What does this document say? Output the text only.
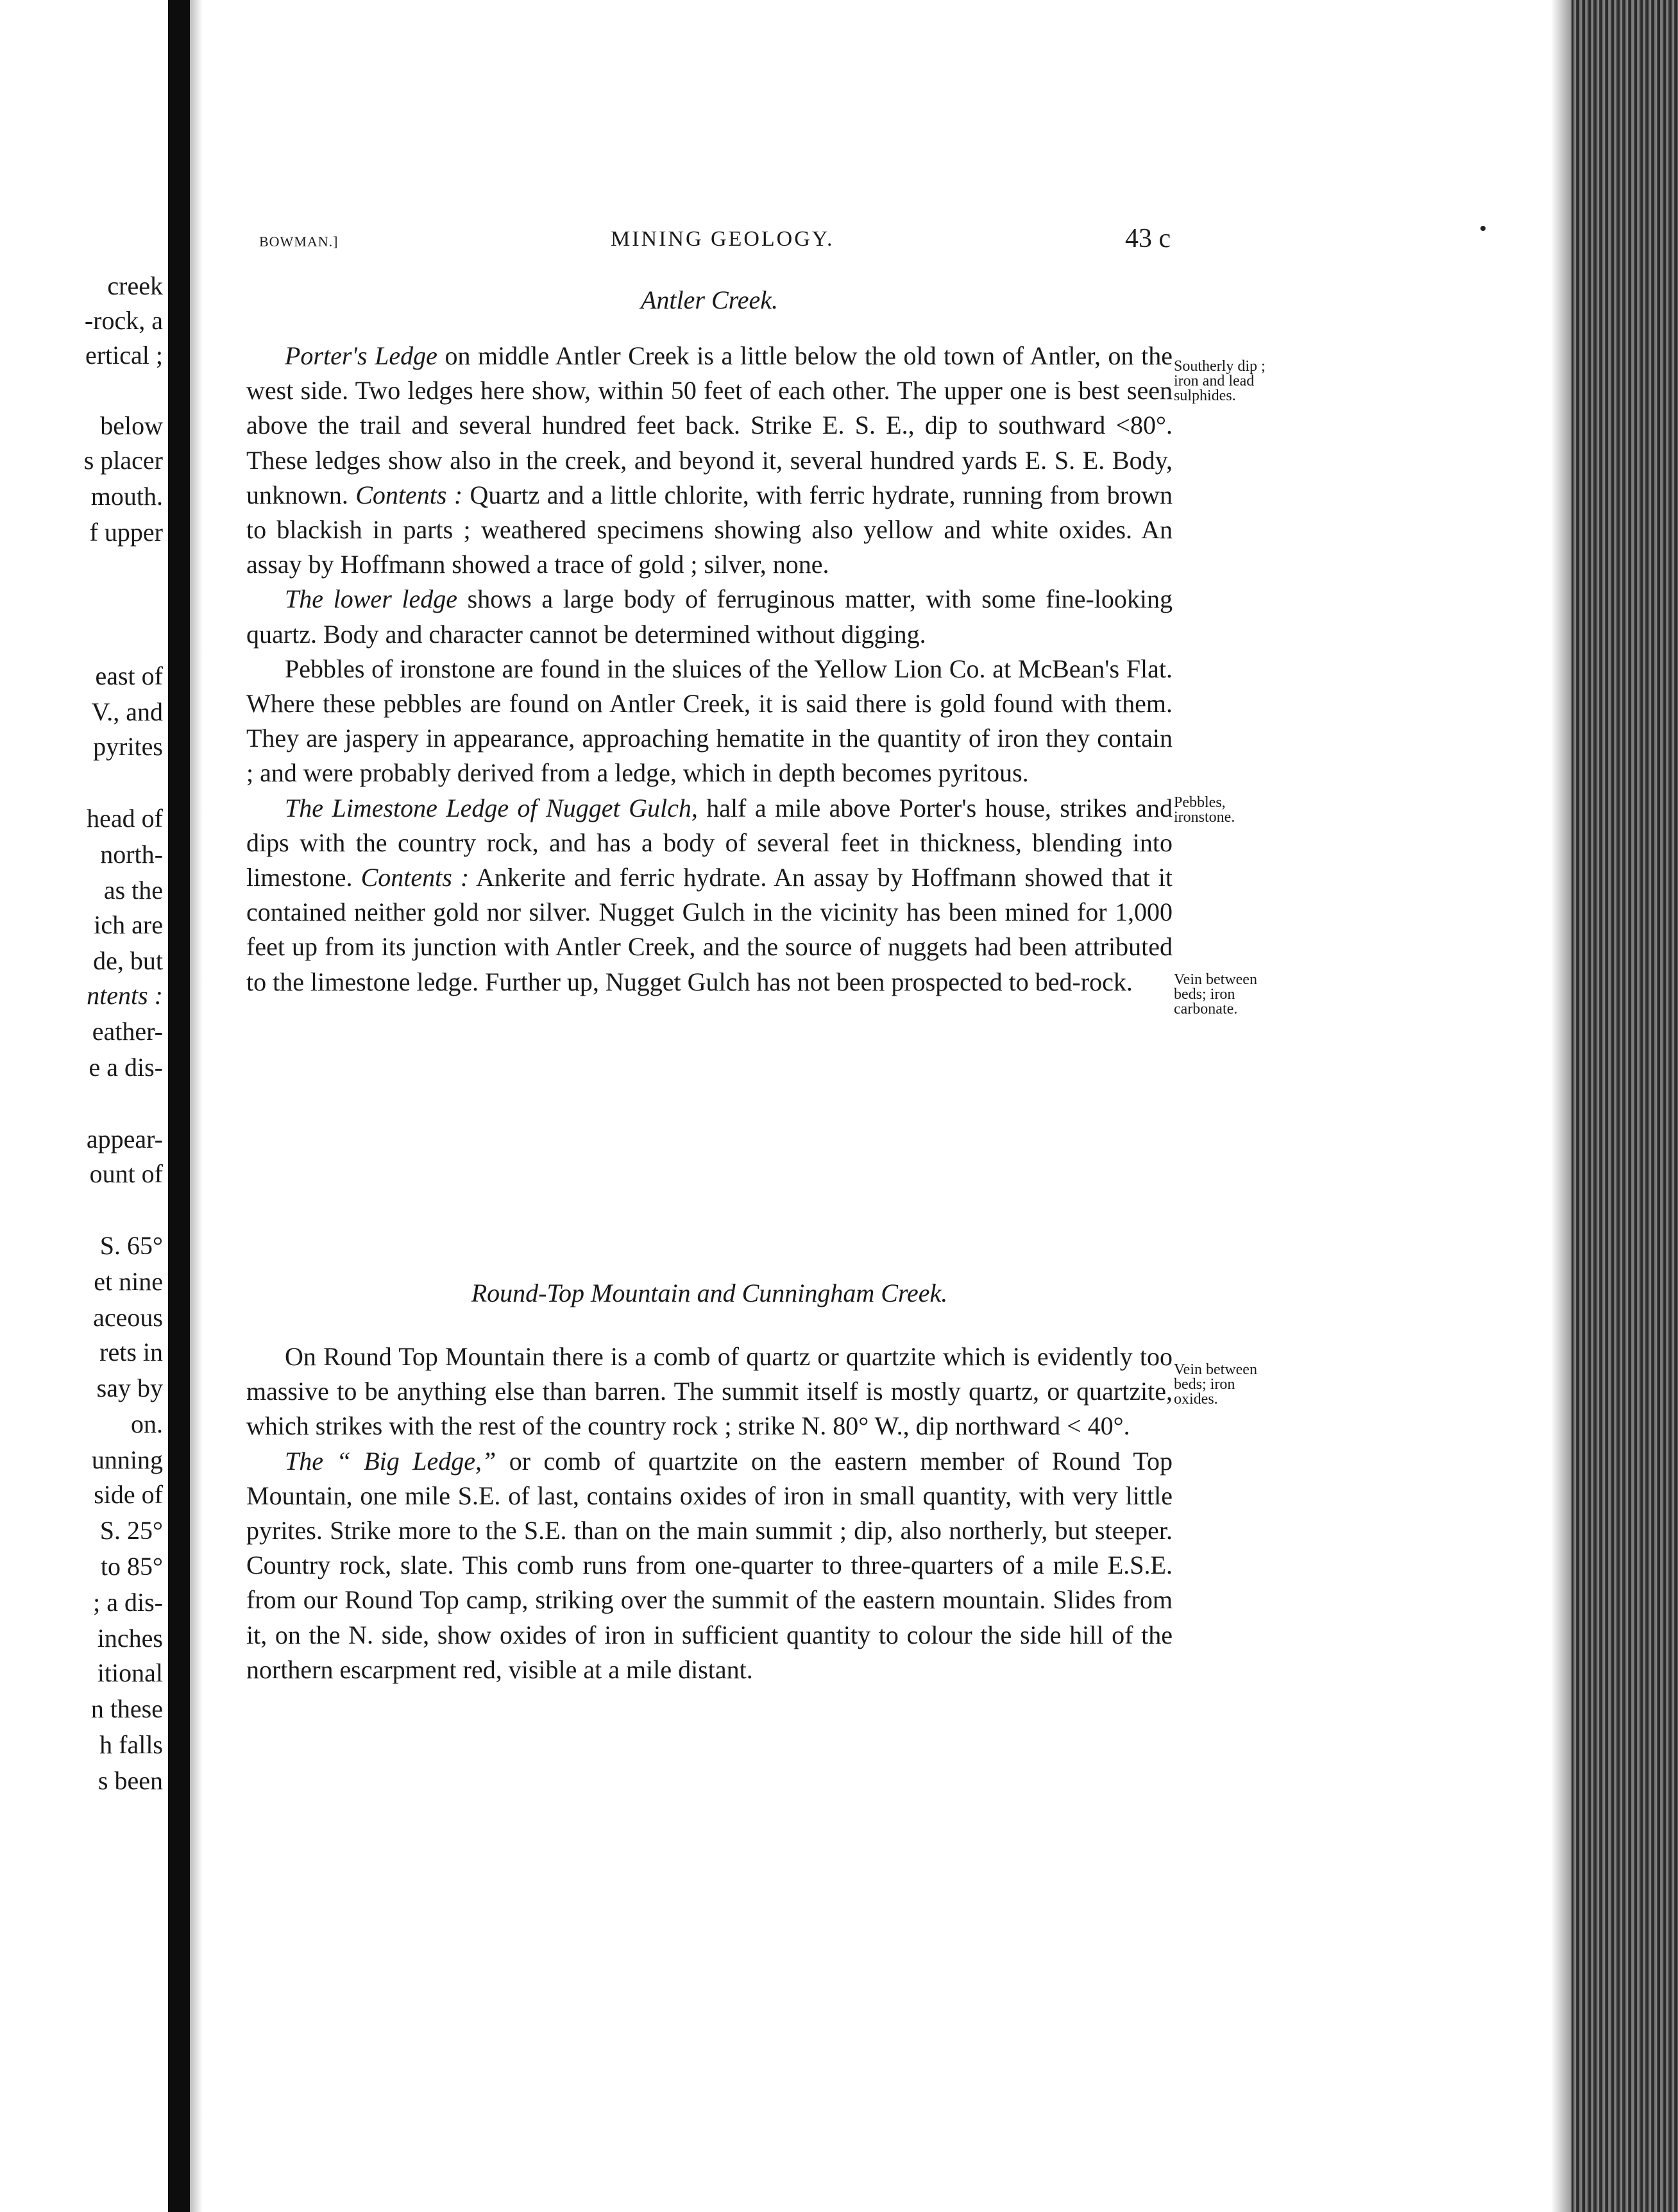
creek
-rock, a
ertical ;
below
s placer
mouth.
f upper
east of
V., and
pyrites
head of
north-
as the
ich are
de, but
ntents :
eather-
e a dis-
appear-
ount of
S. 65°
et nine
aceous
rets in
say by
on.
unning
side of
S. 25°
to 85°
; a dis-
inches
itional
n these
h falls
s been
BOWMAN.]	MINING GEOLOGY.	43 c
Antler Creek.

Porter's Ledge on middle Antler Creek is a little below the old town of Antler, on the west side. Two ledges here show, within 50 feet of each other. The upper one is best seen above the trail and several hundred feet back. Strike E. S. E., dip to southward <80°. These ledges show also in the creek, and beyond it, several hundred yards E. S. E. Body, unknown. Contents : Quartz and a little chlorite, with ferric hydrate, running from brown to blackish in parts ; weathered specimens showing also yellow and white oxides. An assay by Hoffmann showed a trace of gold ; silver, none.

The lower ledge shows a large body of ferruginous matter, with some fine-looking quartz. Body and character cannot be determined without digging.

Pebbles of ironstone are found in the sluices of the Yellow Lion Co. at McBean's Flat. Where these pebbles are found on Antler Creek, it is said there is gold found with them. They are jaspery in appearance, approaching hematite in the quantity of iron they contain ; and were probably derived from a ledge, which in depth becomes pyritous.

The Limestone Ledge of Nugget Gulch, half a mile above Porter's house, strikes and dips with the country rock, and has a body of several feet in thickness, blending into limestone. Contents : Ankerite and ferric hydrate. An assay by Hoffmann showed that it contained neither gold nor silver. Nugget Gulch in the vicinity has been mined for 1,000 feet up from its junction with Antler Creek, and the source of nuggets had been attributed to the limestone ledge. Further up, Nugget Gulch has not been prospected to bed-rock.

Round-Top Mountain and Cunningham Creek.

On Round Top Mountain there is a comb of quartz or quartzite which is evidently too massive to be anything else than barren. The summit itself is mostly quartz, or quartzite, which strikes with the rest of the country rock ; strike N. 80° W., dip northward < 40°.

The “ Big Ledge,” or comb of quartzite on the eastern member of Round Top Mountain, one mile S.E. of last, contains oxides of iron in small quantity, with very little pyrites. Strike more to the S.E. than on the main summit ; dip, also northerly, but steeper. Country rock, slate. This comb runs from one-quarter to three-quarters of a mile E.S.E. from our Round Top camp, striking over the summit of the eastern mountain. Slides from it, on the N. side, show oxides of iron in sufficient quantity to colour the side hill of the northern escarpment red, visible at a mile distant.

Southerly dip ;
iron and lead
sulphides.
Pebbles,
ironstone.
Vein between
beds; iron
carbonate.
Vein between
beds; iron
oxides.
